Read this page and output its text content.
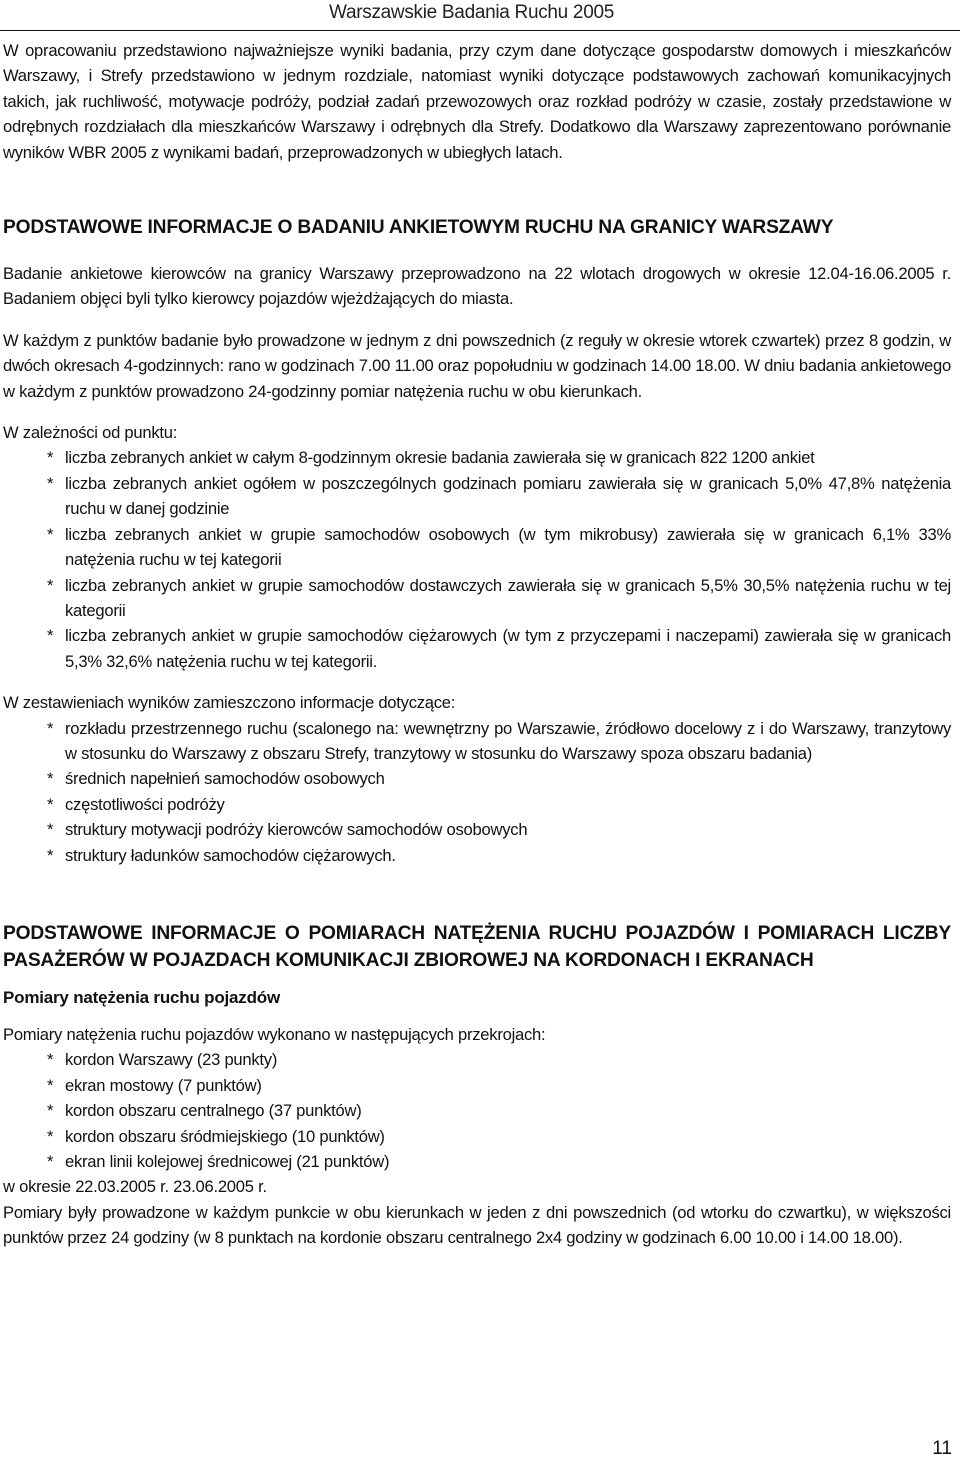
Warszawskie Badania Ruchu 2005

W opracowaniu przedstawiono najważniejsze wyniki badania, przy czym dane dotyczące gospodarstw domowych i mieszkańców Warszawy, i Strefy przedstawiono w jednym rozdziale, natomiast wyniki dotyczące podstawowych zachowań komunikacyjnych takich, jak ruchliwość, motywacje podróży, podział zadań przewozowych oraz rozkład podróży w czasie, zostały przedstawione w odrębnych rozdziałach dla mieszkańców Warszawy i odrębnych dla Strefy. Dodatkowo dla Warszawy zaprezentowano porównanie wyników WBR 2005 z wynikami badań, przeprowadzonych w ubiegłych latach.

PODSTAWOWE INFORMACJE O BADANIU ANKIETOWYM RUCHU NA GRANICY WARSZAWY

Badanie ankietowe kierowców na granicy Warszawy przeprowadzono na 22 wlotach drogowych w okresie 12.04-16.06.2005 r. Badaniem objęci byli tylko kierowcy pojazdów wjeżdżających do miasta.

W każdym z punktów badanie było prowadzone w jednym z dni powszednich (z reguły w okresie wtorek czwartek) przez 8 godzin, w dwóch okresach 4-godzinnych: rano w godzinach 7.00 11.00 oraz popołudniu w godzinach 14.00 18.00. W dniu badania ankietowego w każdym z punktów prowadzono 24-godzinny pomiar natężenia ruchu w obu kierunkach.

W zależności od punktu:

* liczba zebranych ankiet w całym 8-godzinnym okresie badania zawierała się w granicach 822 1200 ankiet
* liczba zebranych ankiet ogółem w poszczególnych godzinach pomiaru zawierała się w granicach 5,0% 47,8% natężenia ruchu w danej godzinie
* liczba zebranych ankiet w grupie samochodów osobowych (w tym mikrobusy) zawierała się w granicach 6,1% 33% natężenia ruchu w tej kategorii
* liczba zebranych ankiet w grupie samochodów dostawczych zawierała się w granicach 5,5% 30,5% natężenia ruchu w tej kategorii
* liczba zebranych ankiet w grupie samochodów ciężarowych (w tym z przyczepami i naczepami) zawierała się w granicach 5,3% 32,6% natężenia ruchu w tej kategorii.

W zestawieniach wyników zamieszczono informacje dotyczące:

* rozkładu przestrzennego ruchu (scalonego na: wewnętrzny po Warszawie, źródłowo docelowy z i do Warszawy, tranzytowy w stosunku do Warszawy z obszaru Strefy, tranzytowy w stosunku do Warszawy spoza obszaru badania)
* średnich napełnień samochodów osobowych
* częstotliwości podróży
* struktury motywacji podróży kierowców samochodów osobowych
* struktury ładunków samochodów ciężarowych.
PODSTAWOWE INFORMACJE O POMIARACH NATĘŻENIA RUCHU POJAZDÓW I POMIARACH LICZBY PASAŻERÓW W POJAZDACH KOMUNIKACJI ZBIOROWEJ NA KORDONACH I EKRANACH
Pomiary natężenia ruchu pojazdów

Pomiary natężenia ruchu pojazdów wykonano w następujących przekrojach:

* kordon Warszawy (23 punkty)
* ekran mostowy (7 punktów)
* kordon obszaru centralnego (37 punktów)
* kordon obszaru śródmiejskiego (10 punktów)
* ekran linii kolejowej średnicowej (21 punktów)

w okresie 22.03.2005 r. 23.06.2005 r.

Pomiary były prowadzone w każdym punkcie w obu kierunkach w jeden z dni powszednich (od wtorku do czwartku), w większości punktów przez 24 godziny (w 8 punktach na kordonie obszaru centralnego 2x4 godziny w godzinach 6.00 10.00 i 14.00 18.00).

11
